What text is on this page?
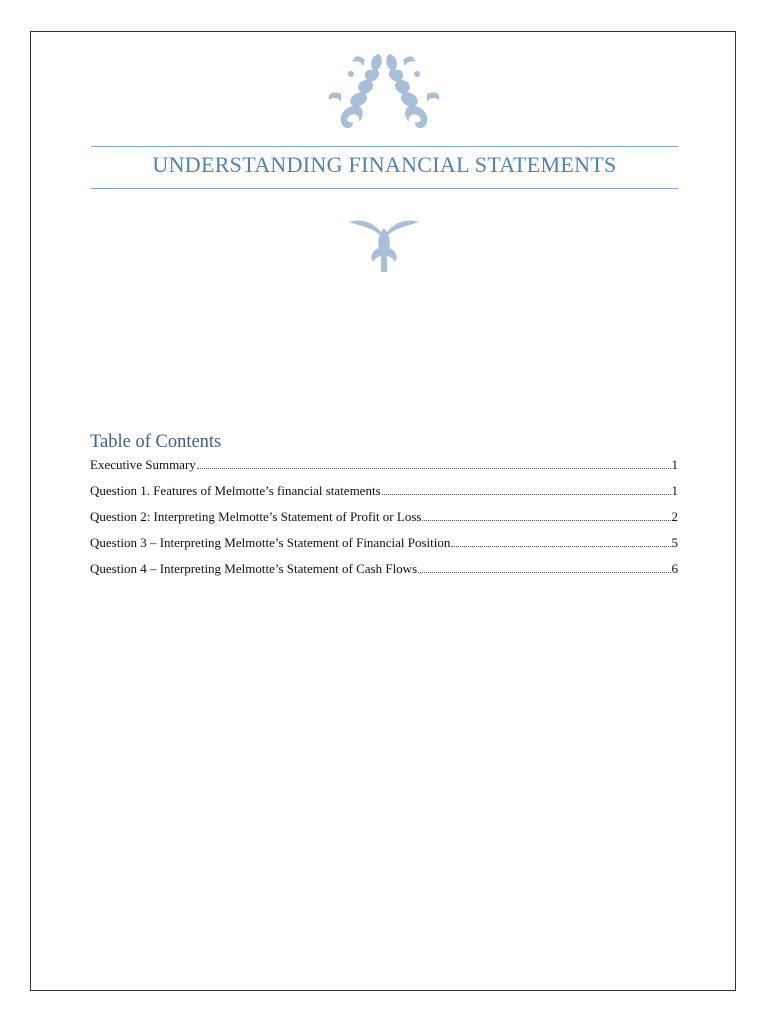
UNDERSTANDING FINANCIAL STATEMENTS
Table of Contents
Executive Summary	1
Question 1. Features of Melmotte’s financial statements	1
Question 2: Interpreting Melmotte’s Statement of Profit or Loss	2
Question 3 – Interpreting Melmotte’s Statement of Financial Position	5
Question 4 – Interpreting Melmotte’s Statement of Cash Flows	6
